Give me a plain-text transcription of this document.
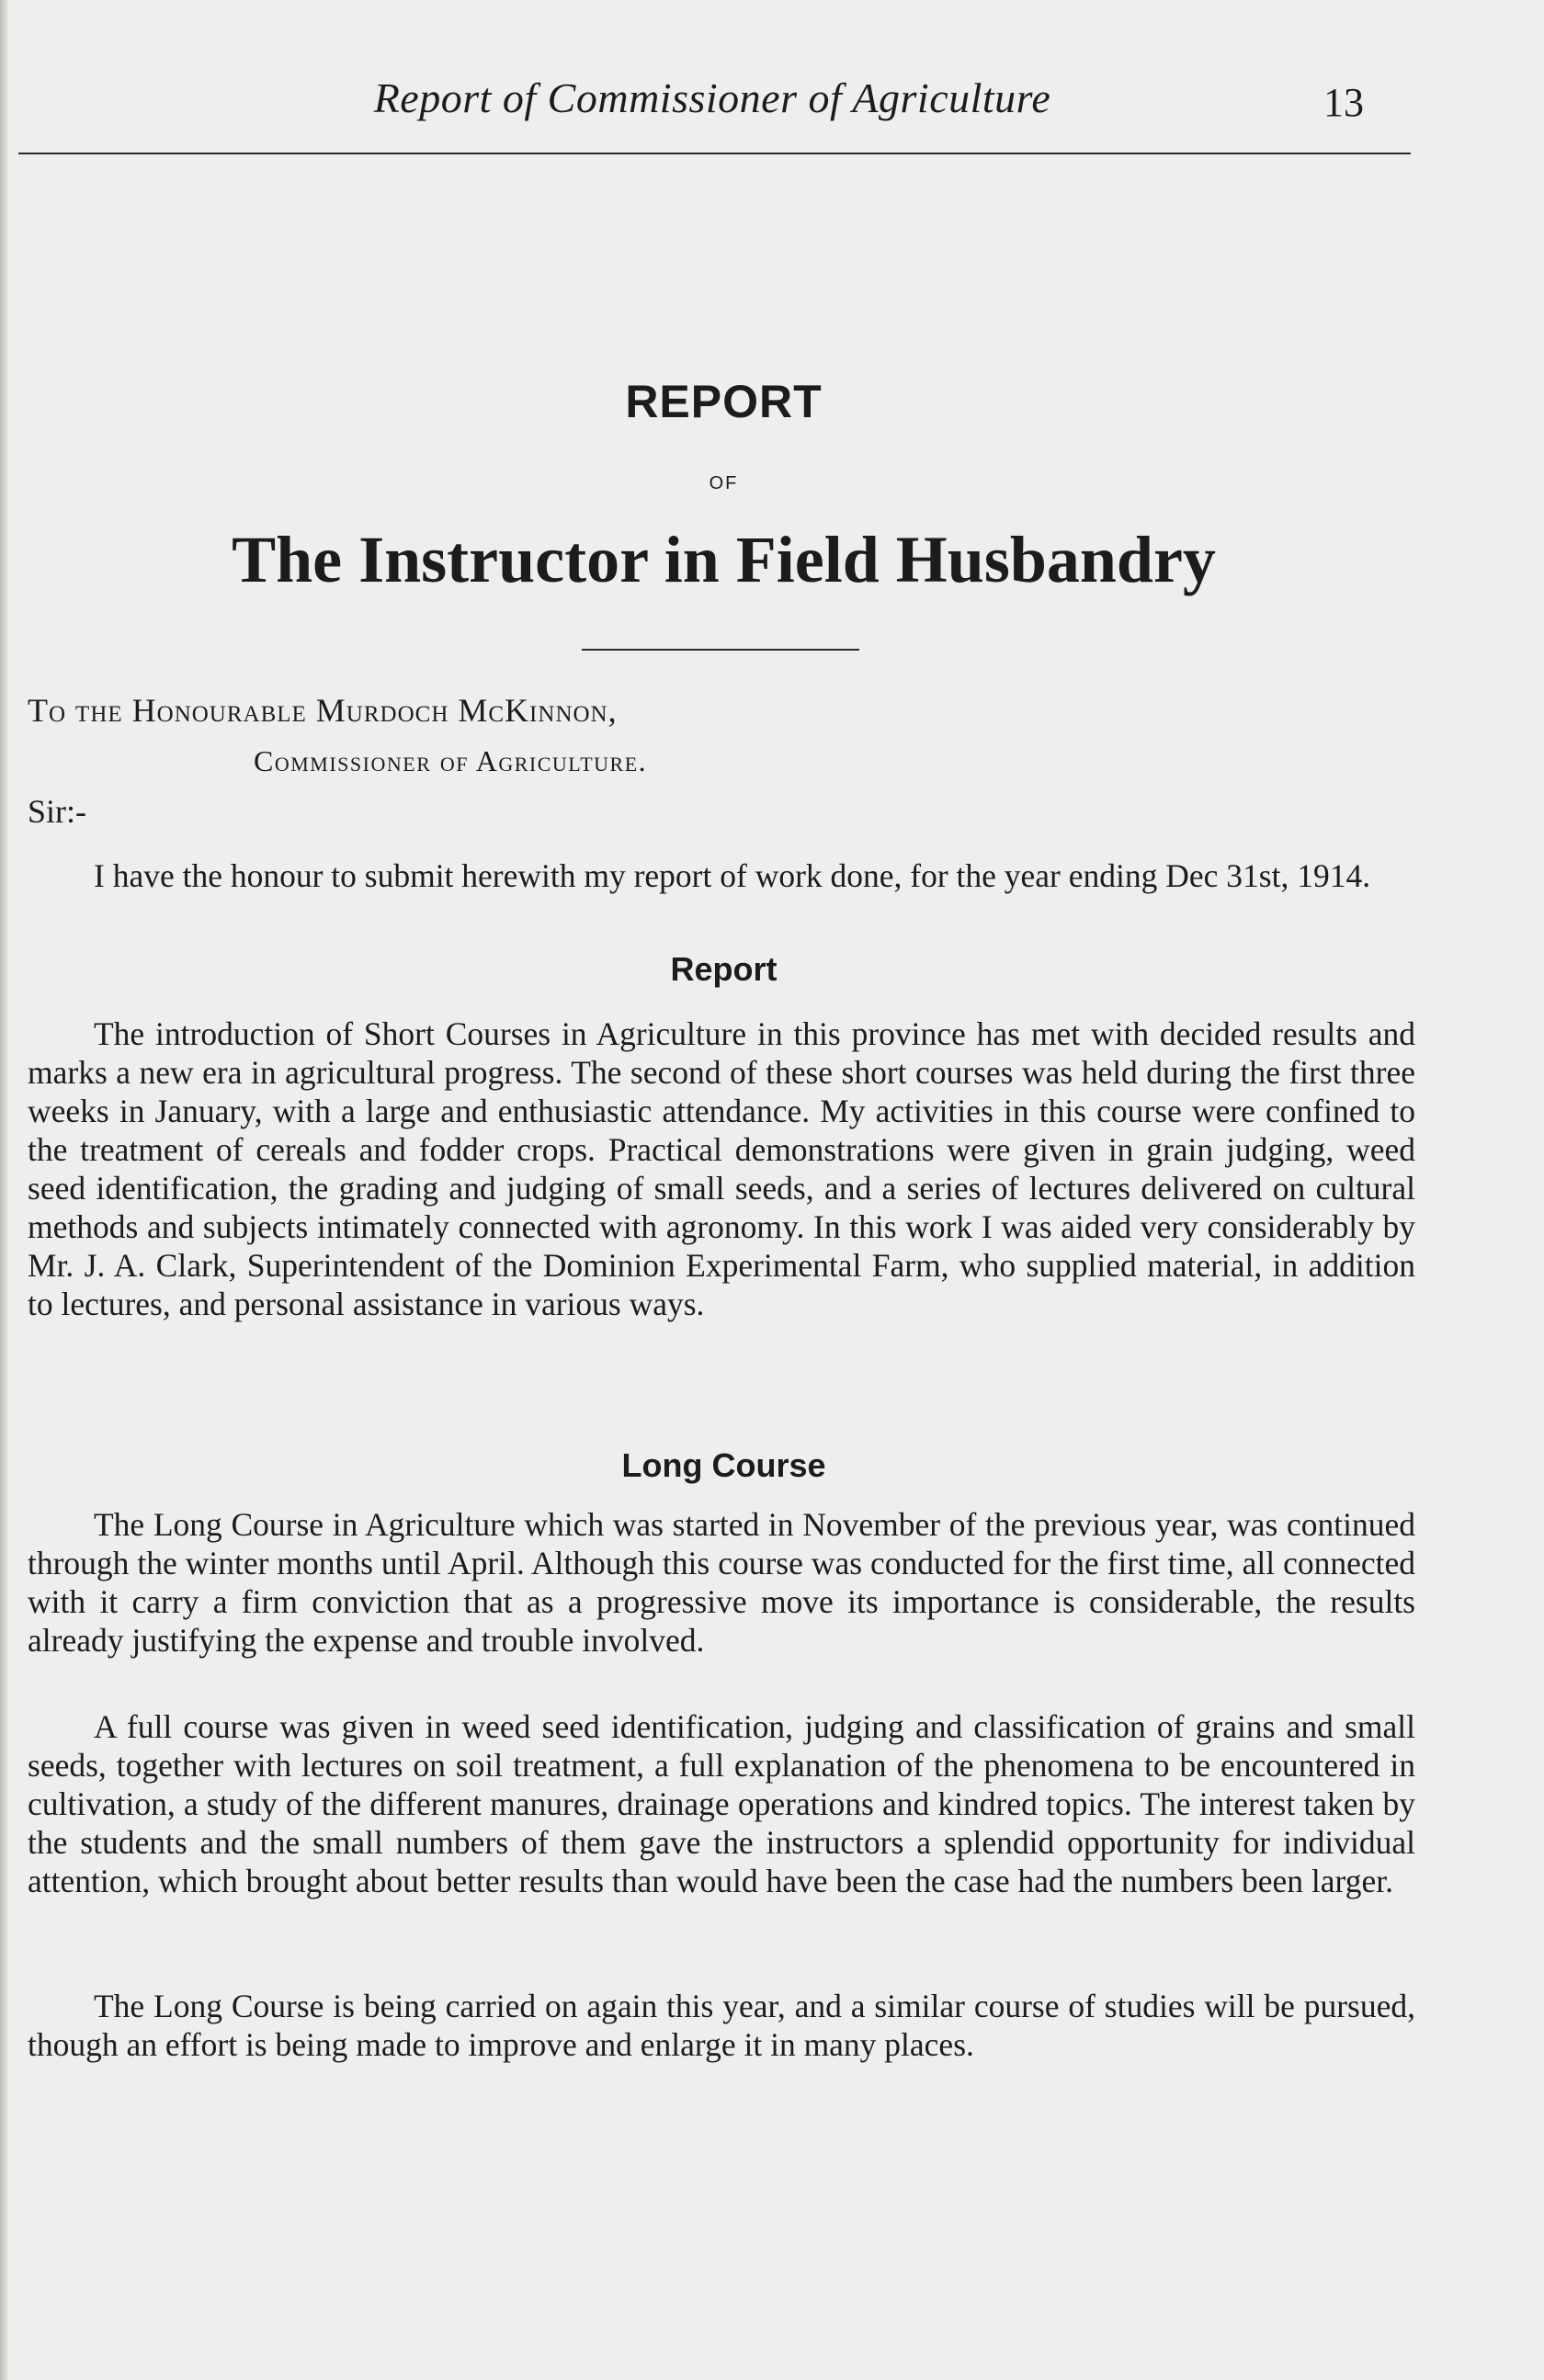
Report of Commissioner of Agriculture	13
REPORT
OF
The Instructor in Field Husbandry
To the Honourable Murdoch McKinnon,
Commissioner of Agriculture.
Sir:-

I have the honour to submit herewith my report of work done, for the year ending Dec 31st, 1914.

Report

The introduction of Short Courses in Agriculture in this province has met with decided results and marks a new era in agricultural progress. The second of these short courses was held during the first three weeks in January, with a large and enthusiastic attendance. My activities in this course were confined to the treatment of cereals and fodder crops. Practical demonstrations were given in grain judging, weed seed identification, the grading and judging of small seeds, and a series of lectures delivered on cultural methods and subjects intimately connected with agronomy. In this work I was aided very considerably by Mr. J. A. Clark, Superintendent of the Dominion Experimental Farm, who supplied material, in addition to lectures, and personal assistance in various ways.

Long Course

The Long Course in Agriculture which was started in November of the previous year, was continued through the winter months until April. Although this course was conducted for the first time, all connected with it carry a firm conviction that as a progressive move its importance is considerable, the results already justifying the expense and trouble involved.

A full course was given in weed seed identification, judging and classification of grains and small seeds, together with lectures on soil treatment, a full explanation of the phenomena to be encountered in cultivation, a study of the different manures, drainage operations and kindred topics. The interest taken by the students and the small numbers of them gave the instructors a splendid opportunity for individual attention, which brought about better results than would have been the case had the numbers been larger.

The Long Course is being carried on again this year, and a similar course of studies will be pursued, though an effort is being made to improve and enlarge it in many places.
